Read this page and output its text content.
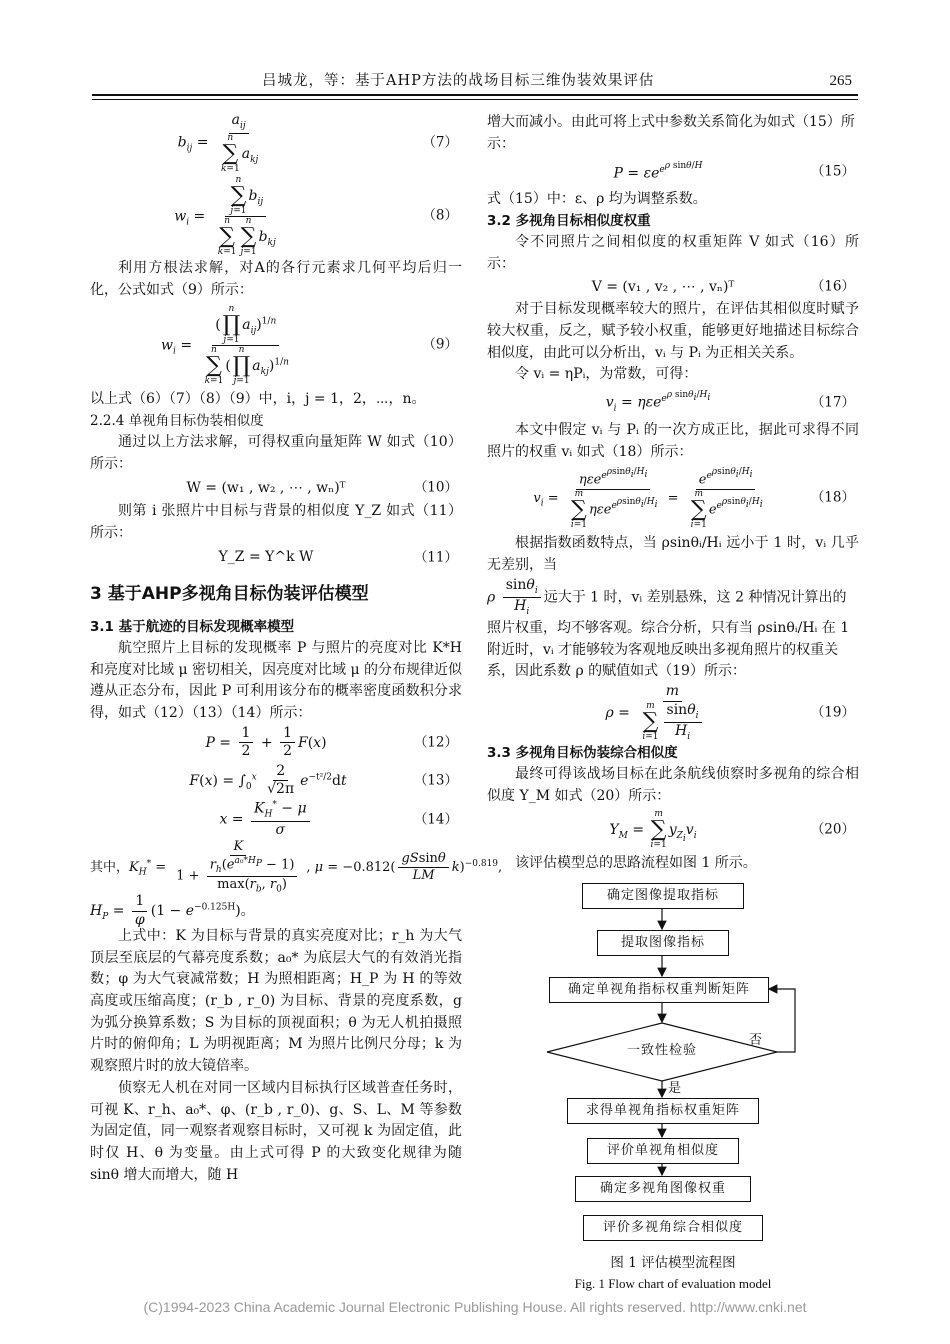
吕城龙，等：基于AHP方法的战场目标三维伪装效果评估	265
$b_{ij} = a_{ij}$
n
∑
k=1
$a_{kj}$	（7）
$w_i = n$
∑
j=1
$b_{ij}$
n
∑
k=1
n
∑
j=1
$b_{kj}$	（8）

利用方根法求解，对A的各行元素求几何平均后归一化，公式如式（9）所示：

$w_i$ = (
n
∏
j=1
$a_{ij})^{1/n}$
n
∑
k=1
(
n
∏
j=1
$a_{kj})^{1/n}$	（9）

以上式（6）（7）（8）（9）中，i，j = 1，2，⋯，n。

2.2.4 单视角目标伪装相似度

通过以上方法求解，可得权重向量矩阵 W 如式（10）所示：

W = (w₁ , w₂ , ⋯ , wₙ)ᵀ	（10）

则第 i 张照片中目标与背景的相似度 Y_Z 如式（11）所示：

Y_Z = Y^k W	（11）

3 基于AHP多视角目标伪装评估模型

3.1 基于航迹的目标发现概率模型

航空照片上目标的发现概率 P 与照片的亮度对比 K*H 和亮度对比域 μ 密切相关，因亮度对比域 μ 的分布规律近似遵从正态分布，因此 P 可利用该分布的概率密度函数积分求得，如式（12）（13）（14）所示：

$P = \frac{1}{2} + \frac{1}{2} F(x)$	（12）
$F(x) = \int_0^x \frac{2}{√2\pi} e^{-t^2/2}dt$	（13）
$x = \frac{K_H^* - \mu}{\sigma}$	（14）
其中，$K_H^* = \frac{K}{1 + \frac{r_h(e^{a_0*H_P} - 1)}{\max(r_b, r_0)}}$ , $\mu = -0.812( \frac{gSsin\theta}{LM} k)^{-0.819}$,
$H_P = \frac{1}{\varphi} (1 - e^{-0.125H})$。

上式中：K 为目标与背景的真实亮度对比；r_h 为大气顶层至底层的气幕亮度系数；a₀* 为底层大气的有效消光指数；φ 为大气衰减常数；H 为照相距离；H_P 为 H 的等效高度或压缩高度；(r_b , r_0) 为目标、背景的亮度系数，g 为弧分换算系数；S 为目标的顶视面积；θ 为无人机拍摄照片时的俯仰角；L 为明视距离；M 为照片比例尺分母；k 为观察照片时的放大镜倍率。

侦察无人机在对同一区域内目标执行区域普查任务时，可视 K、r_h、a₀*、φ、(r_b , r_0)、g、S、L、M 等参数为固定值，同一观察者观察目标时，又可视 k 为固定值，此时仅 H、θ 为变量。由上式可得 P 的大致变化规律为随 sinθ 增大而增大，随 H

增大而减小。由此可将上式中参数关系简化为如式（15）所示：

$P = \varepsilon e^{e^{\rho sin\theta/H}}$	（15）

式（15）中：ε、ρ 均为调整系数。

3.2 多视角目标相似度权重

令不同照片之间相似度的权重矩阵 V 如式（16）所示：

V = (v₁ , v₂ , ⋯ , vₙ)ᵀ	（16）

对于目标发现概率较大的照片，在评估其相似度时赋予较大权重，反之，赋予较小权重，能够更好地描述目标综合相似度，由此可以分析出，vᵢ 与 Pᵢ 为正相关关系。

令 vᵢ = ηPᵢ，为常数，可得：

$v_i = \eta\varepsilon e^{e^{\rho sin\theta_i/H_i}}$	（17）

本文中假定 vᵢ 与 Pᵢ 的一次方成正比，据此可求得不同照片的权重 vᵢ 如式（18）所示：

$v_i = \eta\varepsilon e^{e^{\rho sin\theta_i/H_i}}$
m
∑
i=1
$\eta\varepsilon e^{e^{\rho sin\theta_i/H_i}} = e^{e^{\rho sin\theta_i/H_i}}$
m
∑
i=1
$e^{e^{\rho sin\theta_i/H_i}}$	（18）

根据指数函数特点，当 ρsinθᵢ/Hᵢ 远小于 1 时，vᵢ 几乎无差别，当

ρ $\frac{\sin\theta_i}{H_i}$ 远大于 1 时，vᵢ 差别悬殊，这 2 种情况计算出的照片权重，均不够客观。综合分析，只有当 ρsinθᵢ/Hᵢ 在 1 附近时，vᵢ 才能够较为客观地反映出多视角照片的权重关系，因此系数 ρ 的赋值如式（19）所示：

ρ = m
m
∑
$i=1 \frac{\sin\theta_i}{H_i}$	（19）

3.3 多视角目标伪装综合相似度

最终可得该战场目标在此条航线侦察时多视角的综合相似度 Y_M 如式（20）所示：

$Y_M$ =
m
∑
i=1
$y_{Z_i}v_i$	（20）

该评估模型总的思路流程如图 1 所示。

确定图像提取指标
提取图像指标
确定单视角指标权重判断矩阵
一致性检验
否
是
求得单视角指标权重矩阵
评价单视角相似度
确定多视角图像权重
评价多视角综合相似度

图 1 评估模型流程图

Fig. 1 Flow chart of evaluation model

(C)1994-2023 China Academic Journal Electronic Publishing House. All rights reserved. http://www.cnki.net
